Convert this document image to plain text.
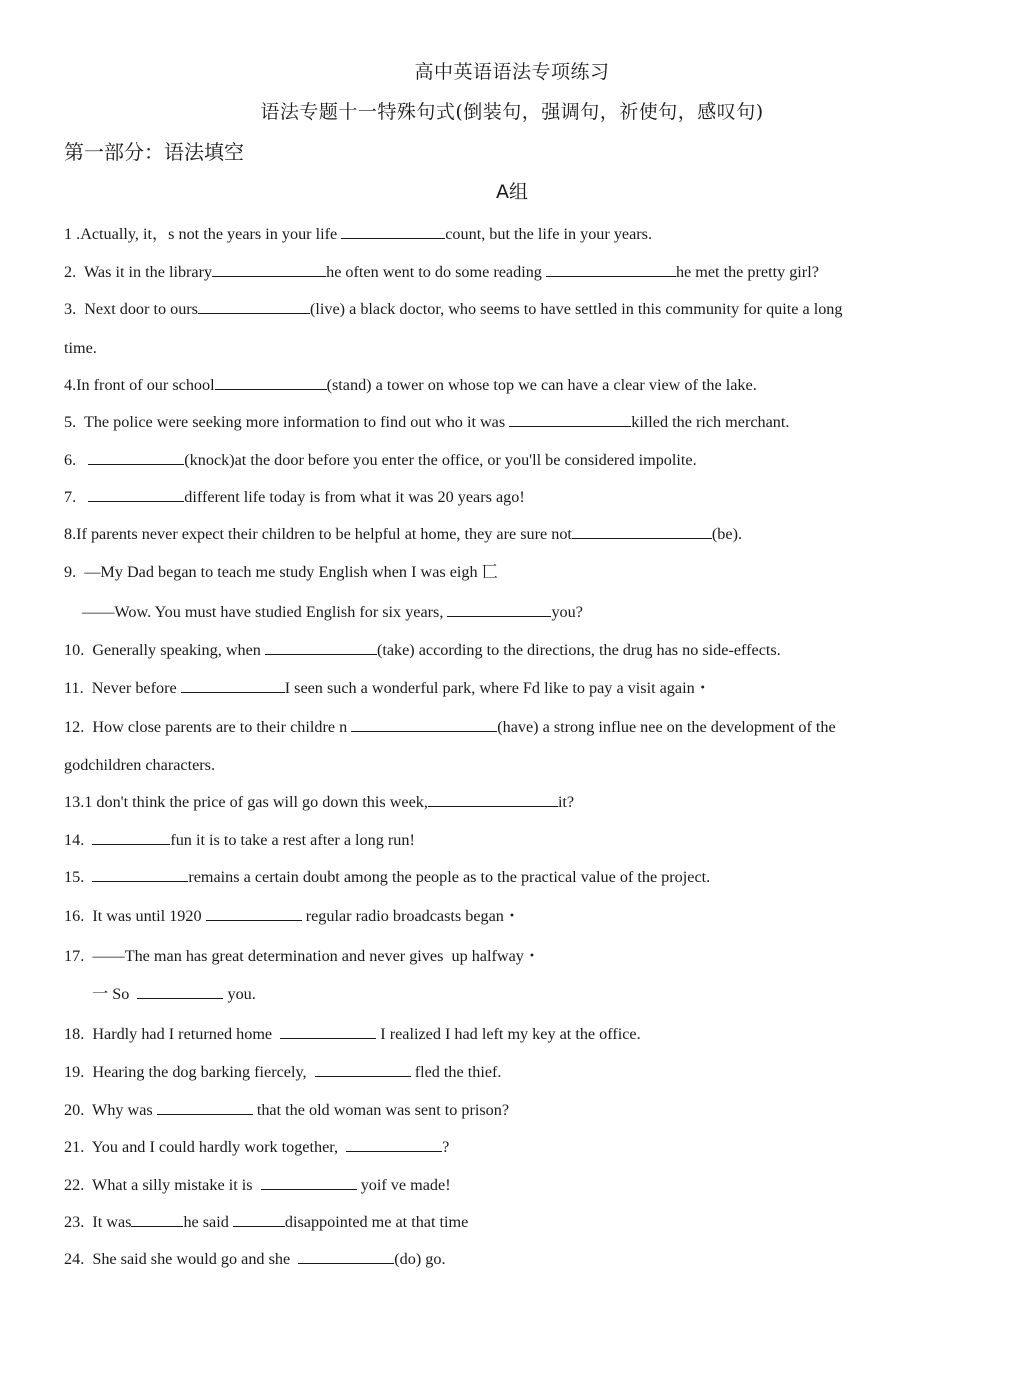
高中英语语法专项练习
语法专题十一特殊句式(倒装句，强调句，祈使句，感叹句)
第一部分：语法填空
A组
1 .Actually, it，s not the years in your life	count, but the life in your years.
2.  Was it in the library	he often went to do some reading	he met the pretty girl?
3.  Next door to ours	(live) a black doctor, who seems to have settled in this community for quite a long
time.
4.In front of our school	(stand) a tower on whose top we can have a clear view of the lake.
5.  The police were seeking more information to find out who it was	killed the rich merchant.
6.	(knock)at the door before you enter the office, or you'll be considered impolite.
7.	different life today is from what it was 20 years ago!
8.If parents never expect their children to be helpful at home, they are sure not	(be).
9.  —My Dad began to teach me study English when I was eigh 匸
——Wow. You must have studied English for six years,	you?
10.  Generally speaking, when	(take) according to the directions, the drug has no side-effects.
11.  Never before	I seen such a wonderful park, where Fd like to pay a visit again・
12.  How close parents are to their childre n	(have) a strong influe nee on the development of the
godchildren characters.
13.1 don't think the price of gas will go down this week,	it?
14.	fun it is to take a rest after a long run!
15.	remains a certain doubt among the people as to the practical value of the project.
16.  It was until 1920	regular radio broadcasts began・
17.  ——The man has great determination and never gives  up halfway・
一 So	you.
18.  Hardly had I returned home	I realized I had left my key at the office.
19.  Hearing the dog barking fiercely,	fled the thief.
20.  Why was	that the old woman was sent to prison?
21.  You and I could hardly work together,	?
22.  What a silly mistake it is	yoif ve made!
23.  It was	he said	disappointed me at that time
24.  She said she would go and she	(do) go.
